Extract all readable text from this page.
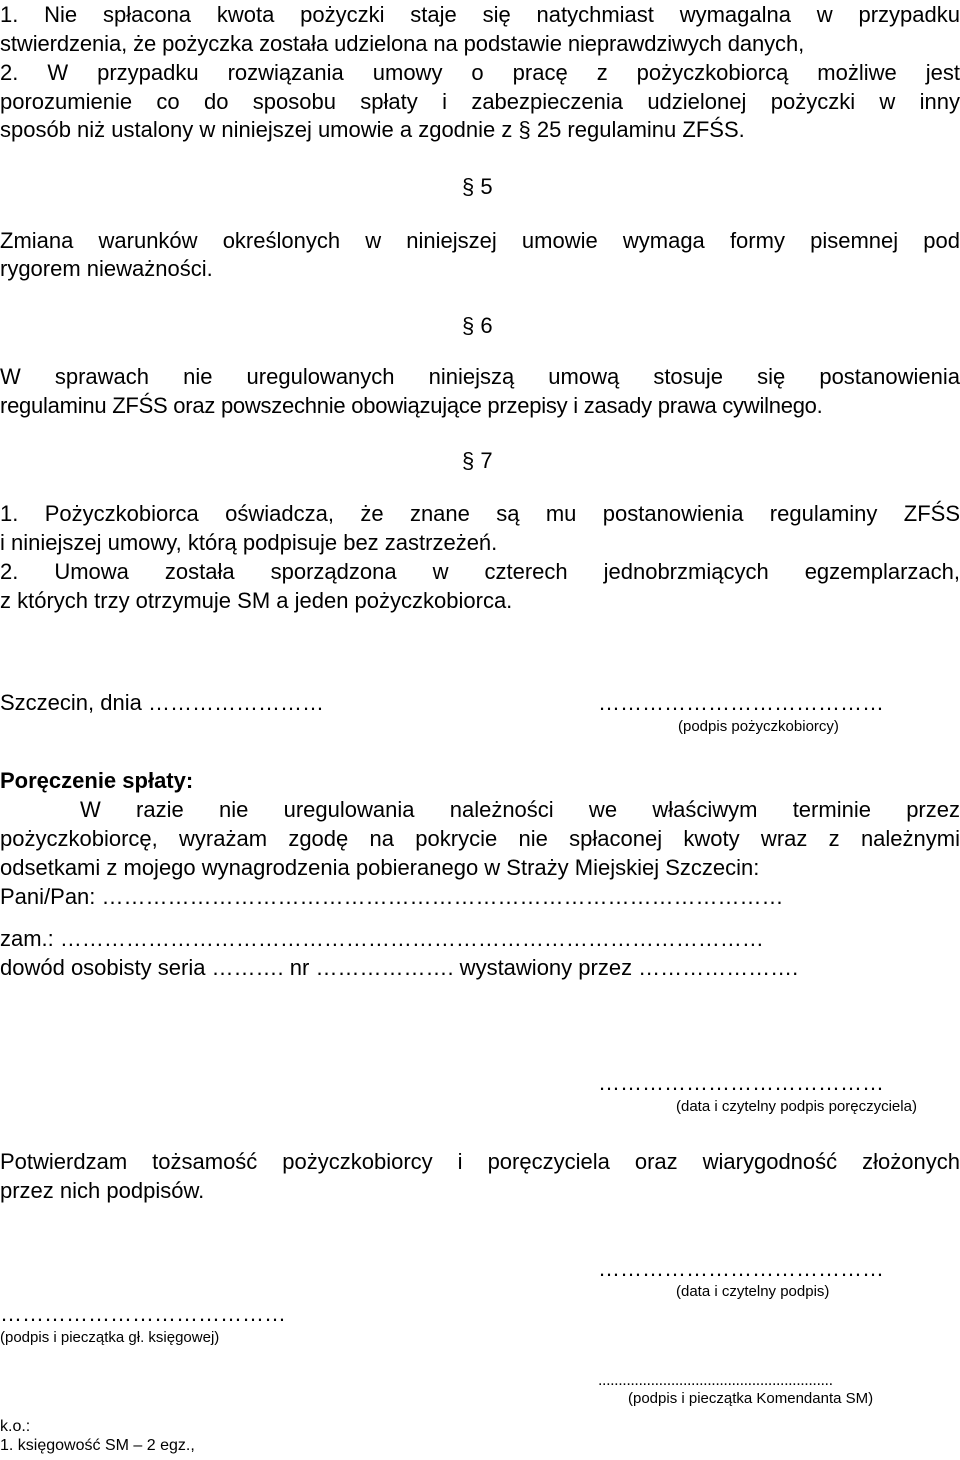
1. Nie spłacona kwota pożyczki staje się natychmiast wymagalna w przypadku
stwierdzenia, że pożyczka została udzielona na podstawie nieprawdziwych danych,
2. W przypadku rozwiązania umowy o pracę z pożyczkobiorcą możliwe jest
porozumienie co do sposobu spłaty i zabezpieczenia udzielonej pożyczki w inny
sposób niż ustalony w niniejszej umowie a zgodnie z § 25 regulaminu ZFŚS.
§ 5
Zmiana warunków określonych w niniejszej umowie wymaga formy pisemnej pod
rygorem nieważności.
§ 6
W sprawach nie uregulowanych niniejszą umową stosuje się postanowienia
regulaminu ZFŚS oraz powszechnie obowiązujące przepisy i zasady prawa cywilnego.
§ 7
1. Pożyczkobiorca oświadcza, że znane są mu postanowienia regulaminy ZFŚS
i niniejszej umowy, którą podpisuje bez zastrzeżeń.
2. Umowa została sporządzona w czterech jednobrzmiących egzemplarzach,
z których trzy otrzymuje SM a jeden pożyczkobiorca.
Szczecin, dnia ……………………	…………………………………
(podpis pożyczkobiorcy)
Poręczenie spłaty:
W razie nie uregulowania należności we właściwym terminie przez
pożyczkobiorcę, wyrażam zgodę na pokrycie nie spłaconej kwoty wraz z należnymi
odsetkami z mojego wynagrodzenia pobieranego w Straży Miejskiej Szczecin:
Pani/Pan: …………………………………………………………………………………
zam.: ……………………………………………………………………………………
dowód osobisty seria ………. nr ………………. wystawiony przez ………………….
…………………………………
(data i czytelny podpis poręczyciela)
Potwierdzam tożsamość pożyczkobiorcy i poręczyciela oraz wiarygodność złożonych
przez nich podpisów.
…………………………………
(data i czytelny podpis)
…………………………………
(podpis i pieczątka gł. księgowej)
..........................................................
(podpis i pieczątka Komendanta SM)
k.o.:
1. księgowość SM – 2 egz.,
